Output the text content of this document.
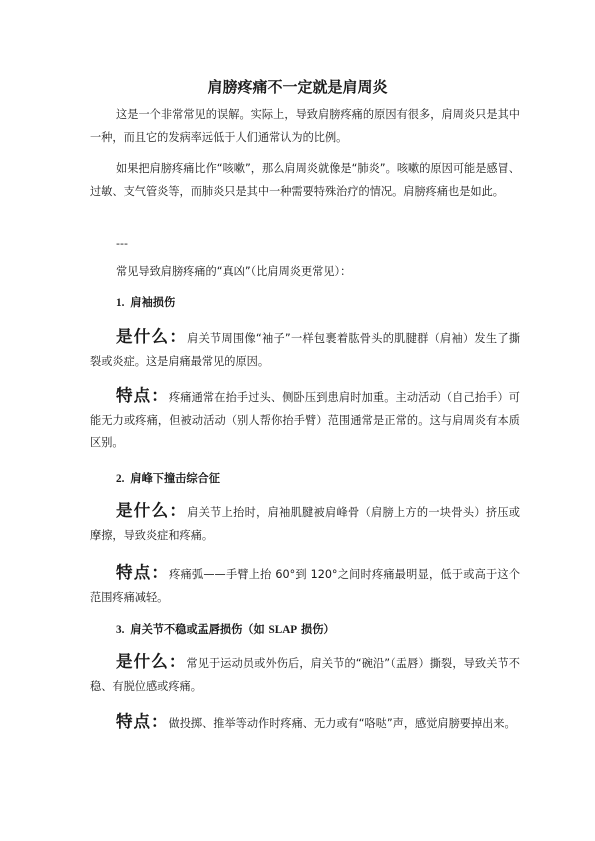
肩膀疼痛不一定就是肩周炎

这是一个非常常见的误解。实际上，导致肩膀疼痛的原因有很多，肩周炎只是其中一种，而且它的发病率远低于人们通常认为的比例。

如果把肩膀疼痛比作“咳嗽”，那么肩周炎就像是“肺炎”。咳嗽的原因可能是感冒、过敏、支气管炎等，而肺炎只是其中一种需要特殊治疗的情况。肩膀疼痛也是如此。

---

常见导致肩膀疼痛的“真凶”（比肩周炎更常见）：

1. 肩袖损伤

是什么：肩关节周围像“袖子”一样包裹着肱骨头的肌腱群（肩袖）发生了撕裂或炎症。这是肩痛最常见的原因。

特点：疼痛通常在抬手过头、侧卧压到患肩时加重。主动活动（自己抬手）可能无力或疼痛，但被动活动（别人帮你抬手臂）范围通常是正常的。这与肩周炎有本质区别。

2. 肩峰下撞击综合征

是什么：肩关节上抬时，肩袖肌腱被肩峰骨（肩膀上方的一块骨头）挤压或摩擦，导致炎症和疼痛。

特点：疼痛弧——手臂上抬 60°到 120°之间时疼痛最明显，低于或高于这个范围疼痛减轻。

3. 肩关节不稳或盂唇损伤（如 SLAP 损伤）

是什么：常见于运动员或外伤后，肩关节的“碗沿”（盂唇）撕裂，导致关节不稳、有脱位感或疼痛。

特点：做投掷、推举等动作时疼痛、无力或有“咯哒”声，感觉肩膀要掉出来。
